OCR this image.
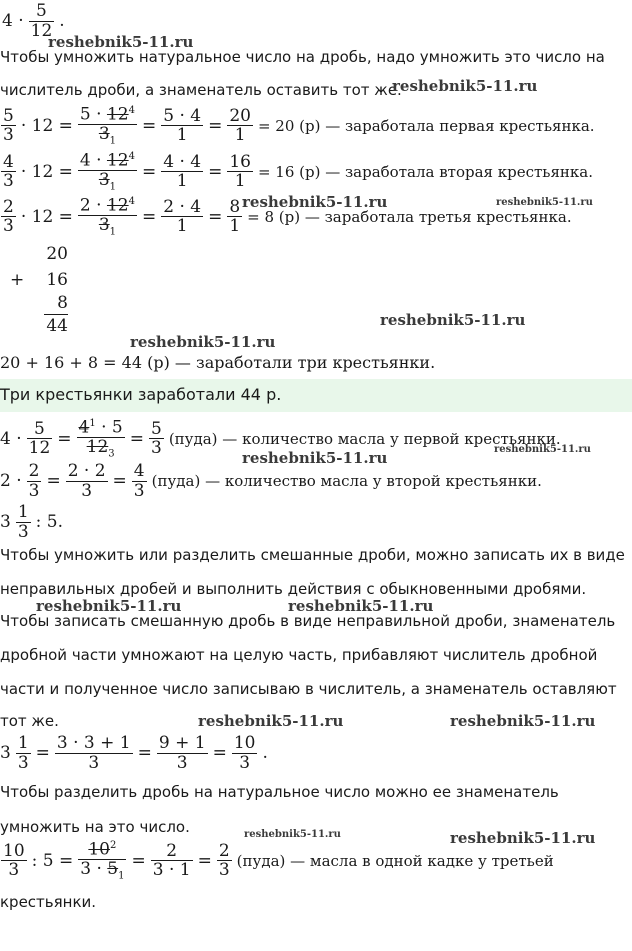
$4 \cdot \frac{5}{12}$ .
reshebnik5-11.ru
Чтобы умножить натуральное число на дробь, надо умножить это число на
числитель дроби, а знаменатель оставить тот же.
reshebnik5-11.ru
$\frac{5}{3} \cdot 12 = \frac{5 \cdot 12^4}{3_1} = \frac{5 \cdot 4}{1} = \frac{20}{1} = 20$ (р) — заработала первая крестьянка.
$\frac{4}{3} \cdot 12 = \frac{4 \cdot 12^4}{3_1} = \frac{4 \cdot 4}{1} = \frac{16}{1} = 16$ (р) — заработала вторая крестьянка.
$\frac{2}{3} \cdot 12 = \frac{2 \cdot 12^4}{3_1} = \frac{2 \cdot 4}{1} = \frac{8}{1} = 8$ (р) — заработала третья крестьянка.
reshebnik5-11.ru	reshebnik5-11.ru
20
+ 16
8
44	reshebnik5-11.ru
reshebnik5-11.ru
20 + 16 + 8 = 44 (р) — заработали три крестьянки.
Три крестьянки заработали 44 р.
$4 \cdot \frac{5}{12} = \frac{4^1 \cdot 5}{12_3} = \frac{5}{3}$ (пуда) — количество масла у первой крестьянки.
reshebnik5-11.ru
reshebnik5-11.ru
$2 \cdot \frac{2}{3} = \frac{2 \cdot 2}{3} = \frac{4}{3}$ (пуда) — количество масла у второй крестьянки.
$3 \frac{1}{3}$ : 5.
Чтобы умножить или разделить смешанные дроби, можно записать их в виде
неправильных дробей и выполнить действия с обыкновенными дробями.
reshebnik5-11.ru	reshebnik5-11.ru
Чтобы записать смешанную дробь в виде неправильной дроби, знаменатель
дробной части умножают на целую часть, прибавляют числитель дробной
части и полученное число записываю в числитель, а знаменатель оставляют
тот же.	reshebnik5-11.ru	reshebnik5-11.ru
$3 \frac{1}{3} = \frac{3 \cdot 3 + 1}{3} = \frac{9 + 1}{3} = \frac{10}{3}$ .
Чтобы разделить дробь на натуральное число можно ее знаменатель
умножить на это число.	reshebnik5-11.ru	reshebnik5-11.ru
$\frac{10}{3}$ : $5 = \frac{10^2}{3 \cdot 5_1} = \frac{2}{3 \cdot 1} = \frac{2}{3}$ (пуда) — масла в одной кадке у третьей
крестьянки.
